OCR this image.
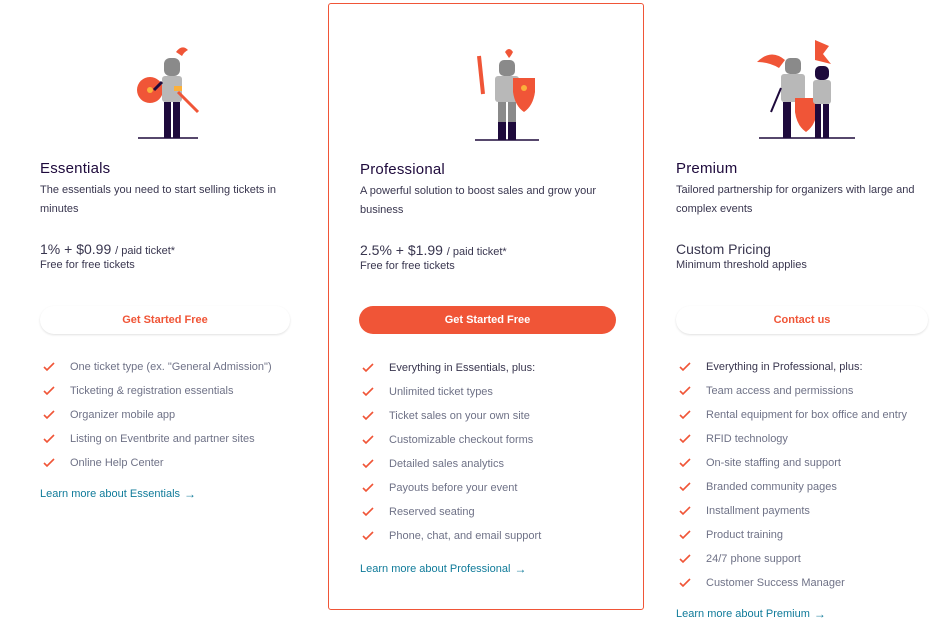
Essentials
The essentials you need to start selling tickets in minutes
1% + $0.99 / paid ticket*
Free for free tickets
Get Started Free
One ticket type (ex. "General Admission")
Ticketing & registration essentials
Organizer mobile app
Listing on Eventbrite and partner sites
Online Help Center
Learn more about Essentials →
Professional
A powerful solution to boost sales and grow your business
2.5% + $1.99 / paid ticket*
Free for free tickets
Get Started Free
Everything in Essentials, plus:
Unlimited ticket types
Ticket sales on your own site
Customizable checkout forms
Detailed sales analytics
Payouts before your event
Reserved seating
Phone, chat, and email support
Learn more about Professional →
Premium
Tailored partnership for organizers with large and complex events
Custom Pricing
Minimum threshold applies
Contact us
Everything in Professional, plus:
Team access and permissions
Rental equipment for box office and entry
RFID technology
On-site staffing and support
Branded community pages
Installment payments
Product training
24/7 phone support
Customer Success Manager
Learn more about Premium →
